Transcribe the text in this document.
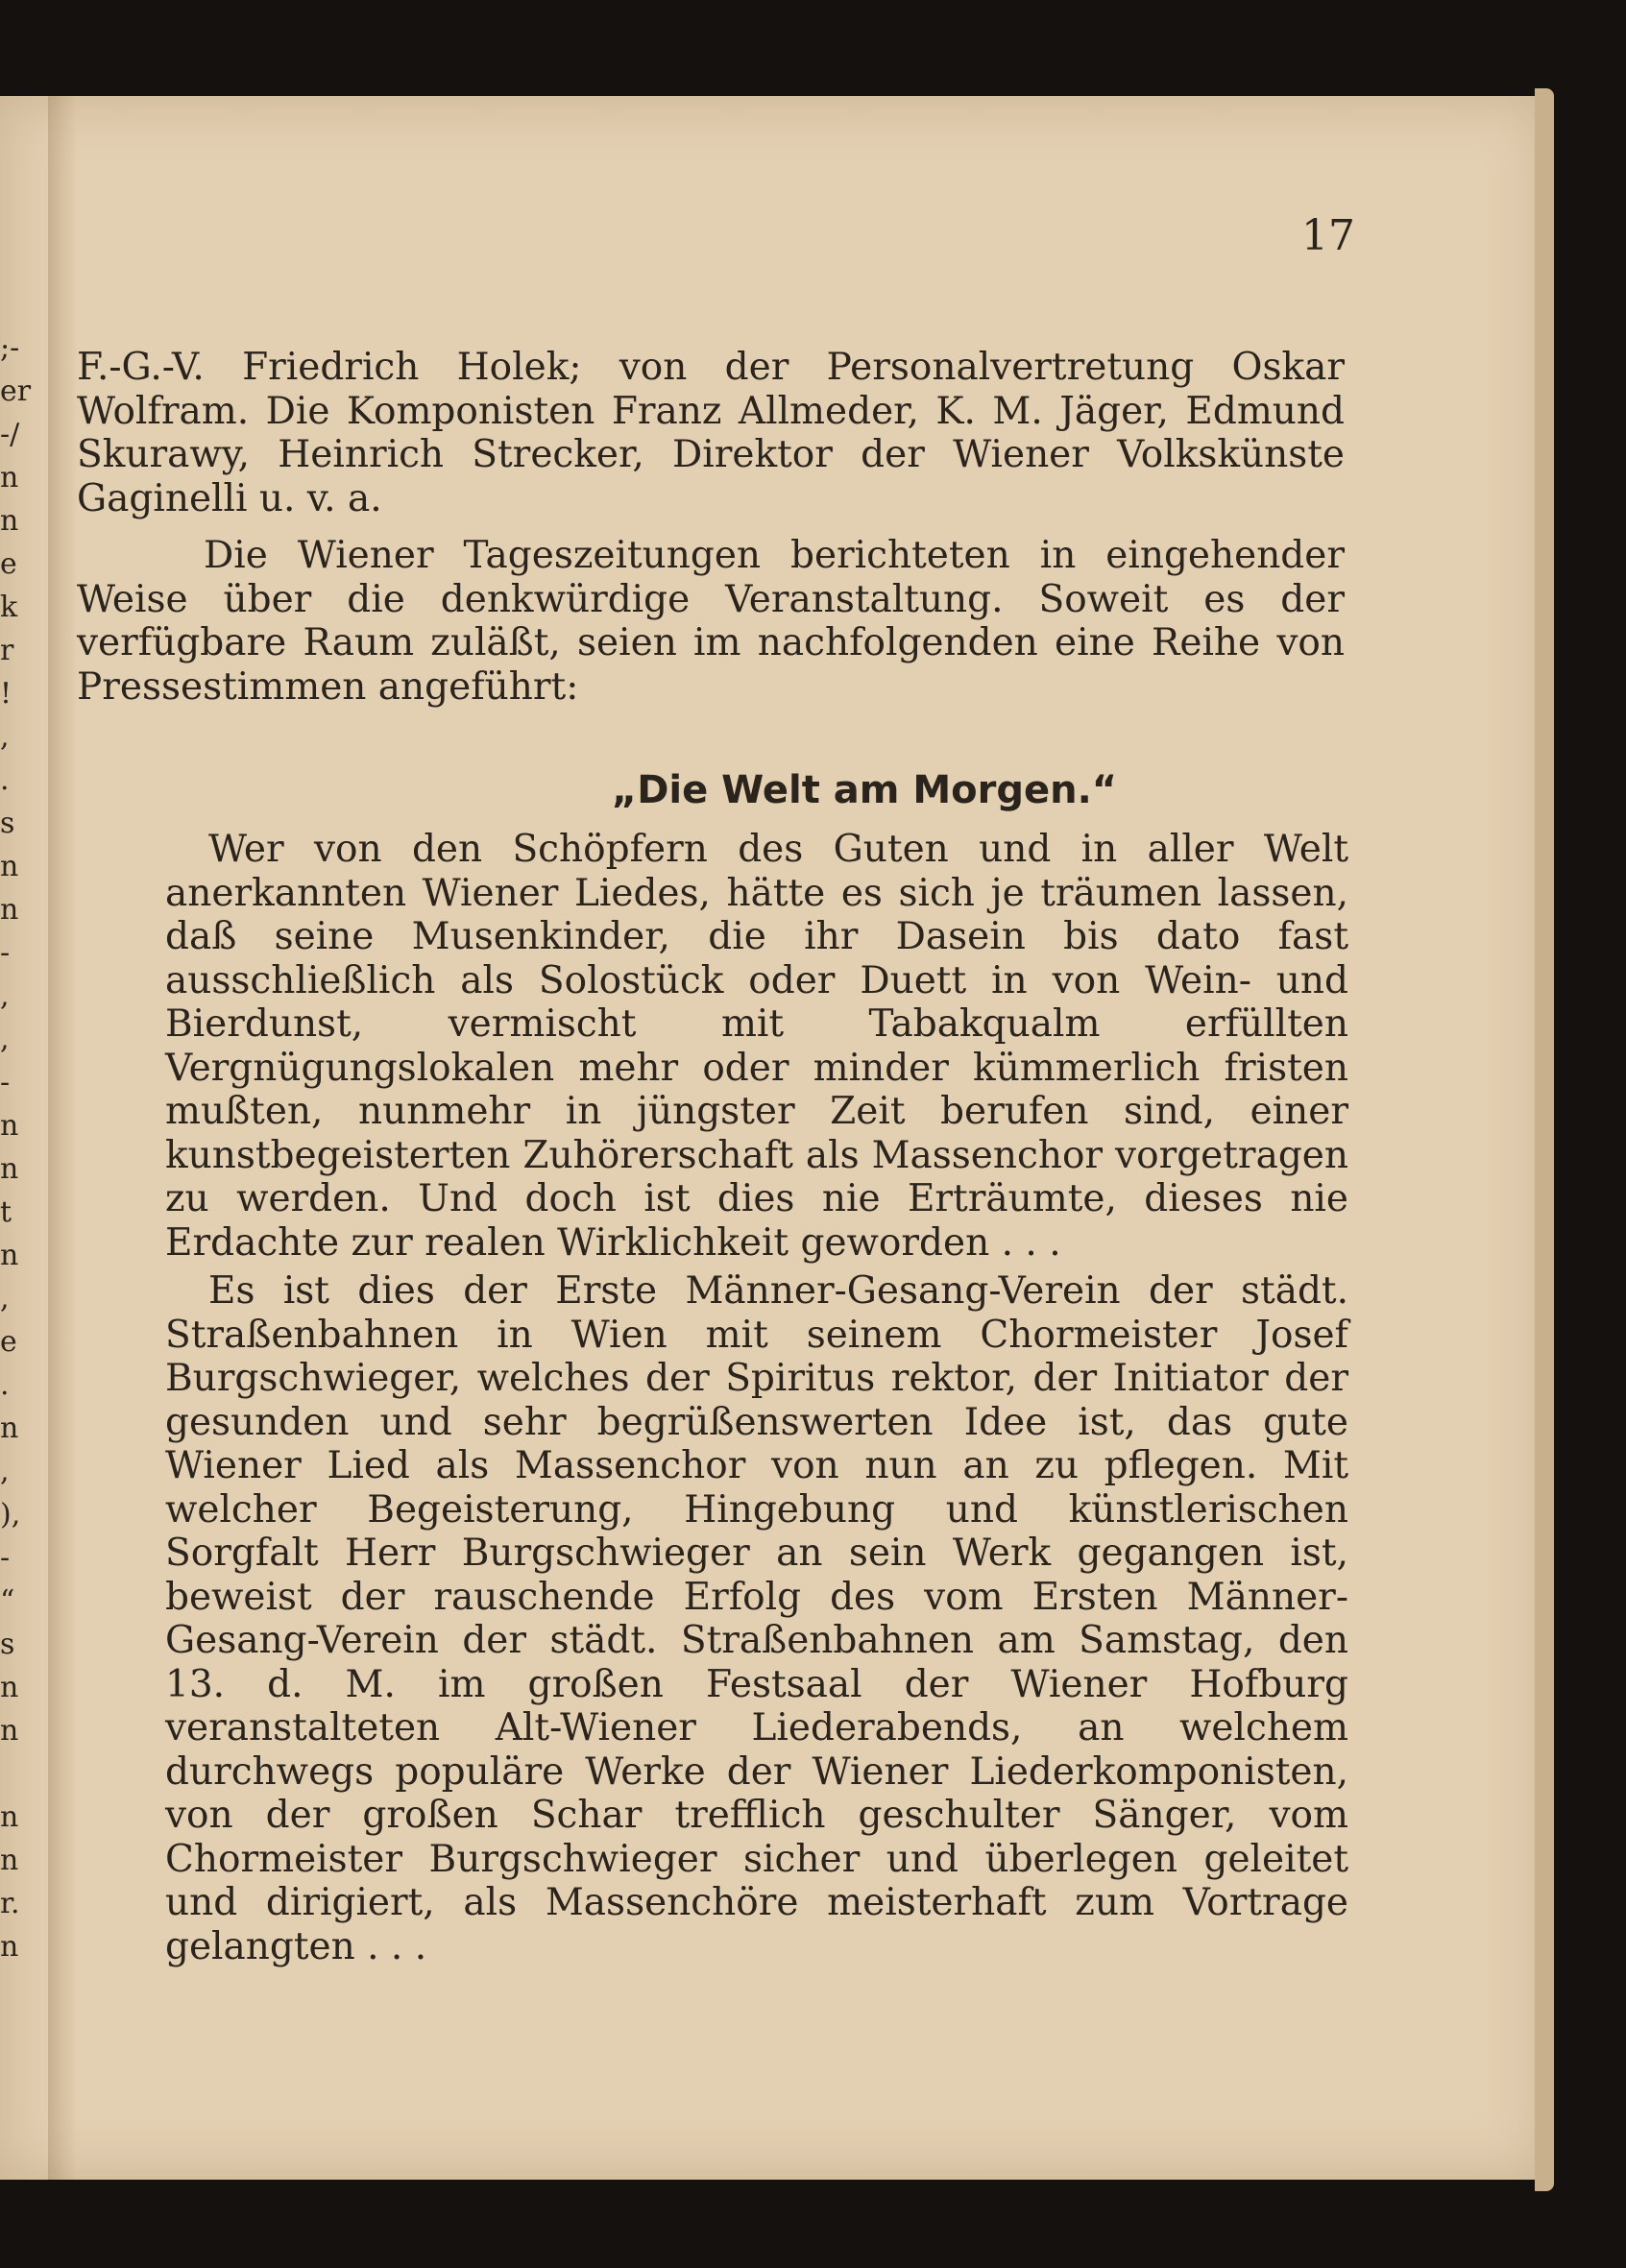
;-
er
-/
n
n
e
k
r
!
,
.
s
n
n
-
,
,
-
n
n
t
n
,
e
.
n
,
),
-
“
s
n
n
n
n
r.
n
17
F.-G.-V. Friedrich Holek; von der Personalvertretung Oskar Wolfram. Die Komponisten Franz Allmeder, K. M. Jäger, Edmund Skurawy, Heinrich Strecker, Direktor der Wiener Volkskünste Gaginelli u. v. a.
Die Wiener Tageszeitungen berichteten in eingehender Weise über die denkwürdige Veranstaltung. Soweit es der verfügbare Raum zuläßt, seien im nachfolgenden eine Reihe von Pressestimmen angeführt:
„Die Welt am Morgen.“
Wer von den Schöpfern des Guten und in aller Welt anerkannten Wiener Liedes, hätte es sich je träumen lassen, daß seine Musenkinder, die ihr Dasein bis dato fast ausschließlich als Solostück oder Duett in von Wein- und Bierdunst, vermischt mit Tabakqualm erfüllten Vergnügungslokalen mehr oder minder kümmerlich fristen mußten, nunmehr in jüngster Zeit berufen sind, einer kunstbegeisterten Zuhörerschaft als Massenchor vorgetragen zu werden. Und doch ist dies nie Erträumte, dieses nie Erdachte zur realen Wirklichkeit geworden . . .
Es ist dies der Erste Männer-Gesang-Verein der städt. Straßenbahnen in Wien mit seinem Chormeister Josef Burgschwieger, welches der Spiritus rektor, der Initiator der gesunden und sehr begrüßenswerten Idee ist, das gute Wiener Lied als Massenchor von nun an zu pflegen. Mit welcher Begeisterung, Hingebung und künstlerischen Sorgfalt Herr Burgschwieger an sein Werk gegangen ist, beweist der rauschende Erfolg des vom Ersten Männer-Gesang-Verein der städt. Straßenbahnen am Samstag, den 13. d. M. im großen Festsaal der Wiener Hofburg veranstalteten Alt-Wiener Liederabends, an welchem durchwegs populäre Werke der Wiener Liederkomponisten, von der großen Schar trefflich geschulter Sänger, vom Chormeister Burgschwieger sicher und überlegen geleitet und dirigiert, als Massenchöre meisterhaft zum Vortrage gelangten . . .
